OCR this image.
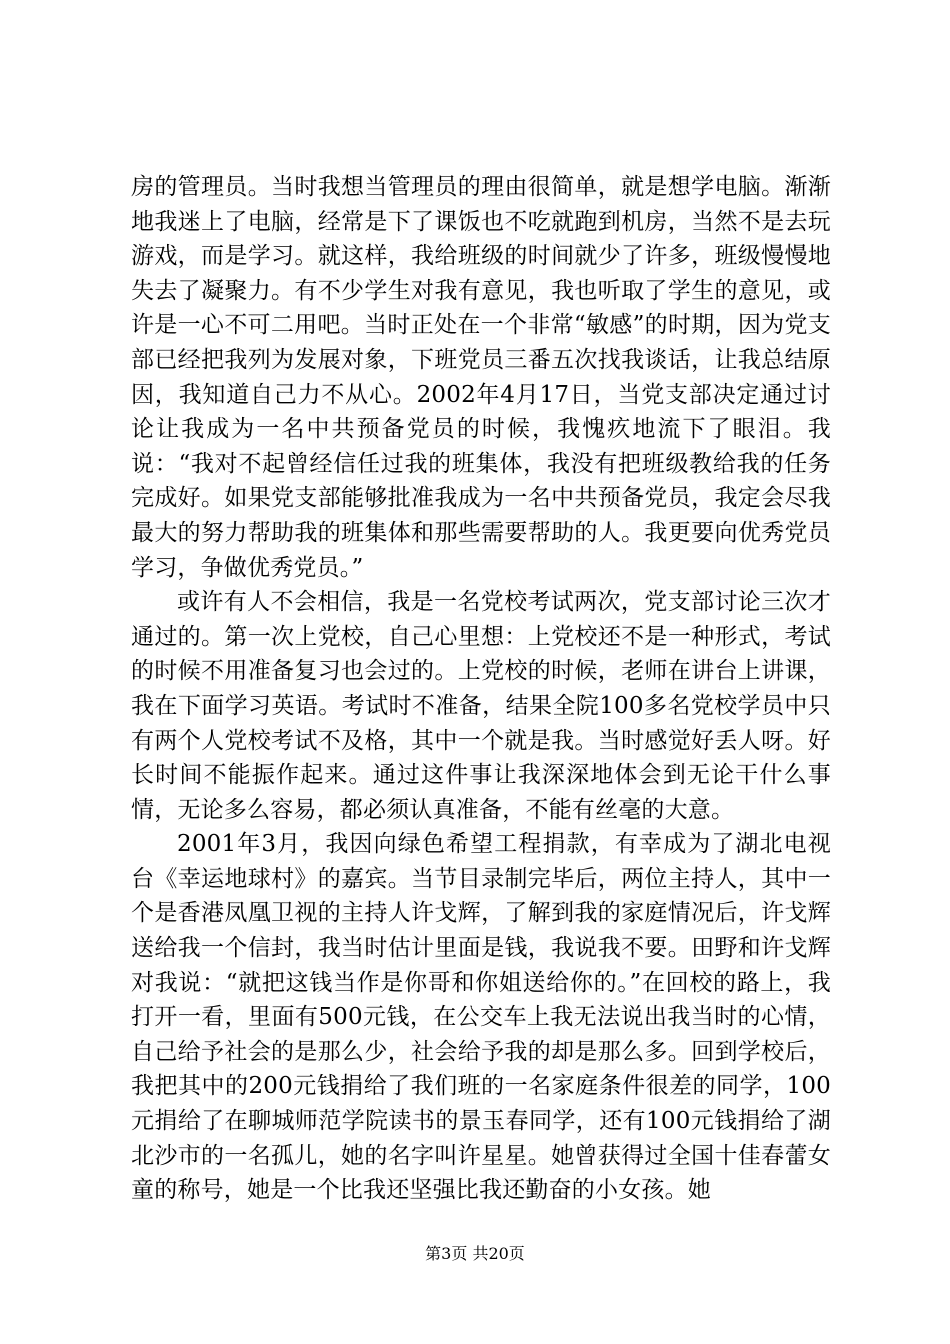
房的管理员。当时我想当管理员的理由很简单，就是想学电脑。渐渐地我迷上了电脑，经常是下了课饭也不吃就跑到机房，当然不是去玩游戏，而是学习。就这样，我给班级的时间就少了许多，班级慢慢地失去了凝聚力。有不少学生对我有意见，我也听取了学生的意见，或许是一心不可二用吧。当时正处在一个非常“敏感”的时期，因为党支部已经把我列为发展对象，下班党员三番五次找我谈话，让我总结原因，我知道自己力不从心。2002年4月17日，当党支部决定通过讨论让我成为一名中共预备党员的时候，我愧疚地流下了眼泪。我说：“我对不起曾经信任过我的班集体，我没有把班级教给我的任务完成好。如果党支部能够批准我成为一名中共预备党员，我定会尽我最大的努力帮助我的班集体和那些需要帮助的人。我更要向优秀党员学习，争做优秀党员。”

或许有人不会相信，我是一名党校考试两次，党支部讨论三次才通过的。第一次上党校，自己心里想：上党校还不是一种形式，考试的时候不用准备复习也会过的。上党校的时候，老师在讲台上讲课，我在下面学习英语。考试时不准备，结果全院100多名党校学员中只有两个人党校考试不及格，其中一个就是我。当时感觉好丢人呀。好长时间不能振作起来。通过这件事让我深深地体会到无论干什么事情，无论多么容易，都必须认真准备，不能有丝毫的大意。

2001年3月，我因向绿色希望工程捐款，有幸成为了湖北电视台《幸运地球村》的嘉宾。当节目录制完毕后，两位主持人，其中一个是香港凤凰卫视的主持人许戈辉，了解到我的家庭情况后，许戈辉送给我一个信封，我当时估计里面是钱，我说我不要。田野和许戈辉对我说：“就把这钱当作是你哥和你姐送给你的。”在回校的路上，我打开一看，里面有500元钱，在公交车上我无法说出我当时的心情，自己给予社会的是那么少，社会给予我的却是那么多。回到学校后，我把其中的200元钱捐给了我们班的一名家庭条件很差的同学，100元捐给了在聊城师范学院读书的景玉春同学，还有100元钱捐给了湖北沙市的一名孤儿，她的名字叫许星星。她曾获得过全国十佳春蕾女童的称号，她是一个比我还坚强比我还勤奋的小女孩。她

第3页 共20页
